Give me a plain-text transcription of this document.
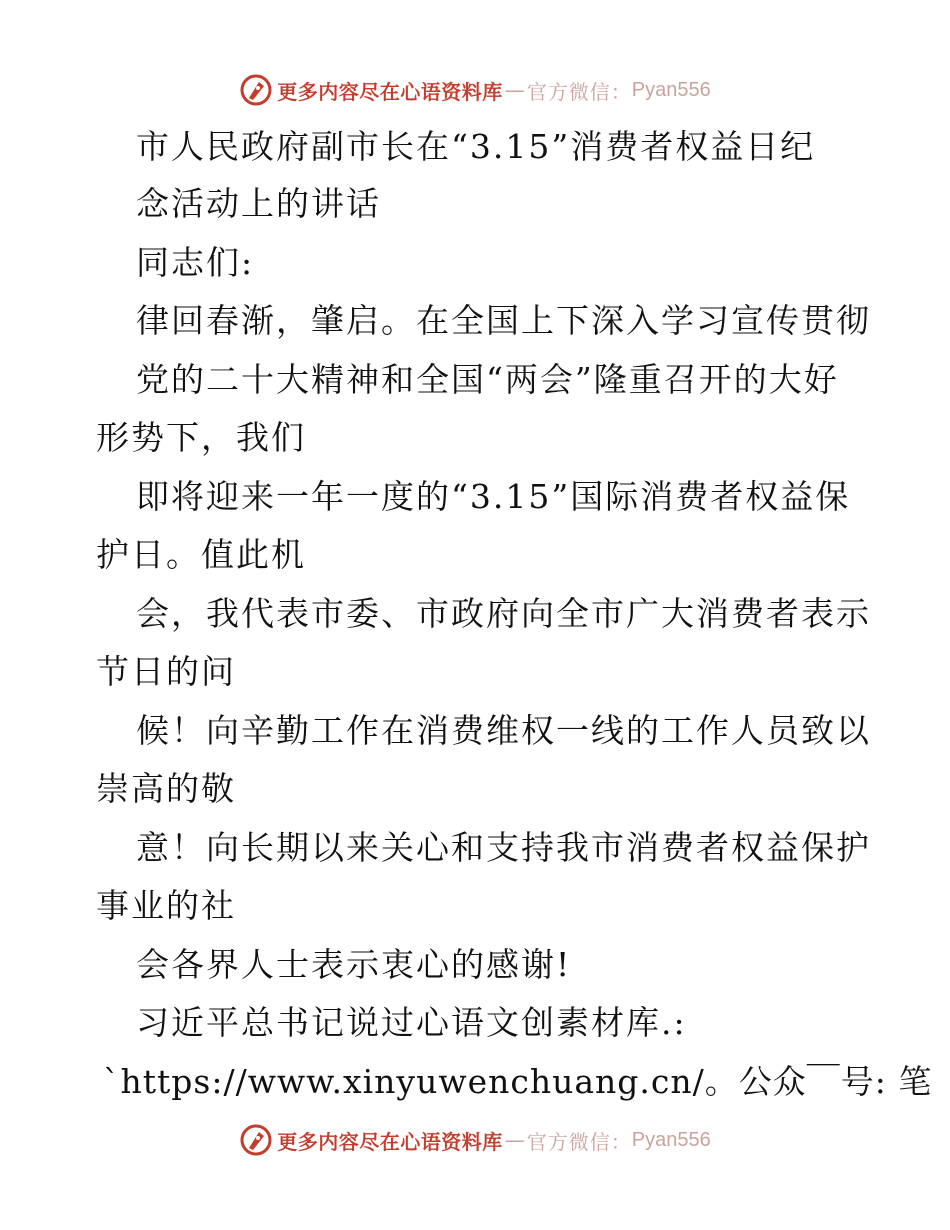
更多内容尽在心语资料库 — 官方微信： Pyan556
市人民政府副市长在“3.15”消费者权益日纪
念活动上的讲话
同志们:
律回春渐，肇启。在全国上下深入学习宣传贯彻
党的二十大精神和全国“两会”隆重召开的大好
形势下，我们
即将迎来一年一度的“3.15”国际消费者权益保
护日。值此机
会，我代表市委、市政府向全市广大消费者表示
节日的问
候！向辛勤工作在消费维权一线的工作人员致以
崇高的敬
意！向长期以来关心和支持我市消费者权益保护
事业的社
会各界人士表示衷心的感谢!
习近平总书记说过心语文创素材库.:
`https://www.xinyuwenchuang.cn/。公众￣号: 笔
更多内容尽在心语资料库 — 官方微信： Pyan556
